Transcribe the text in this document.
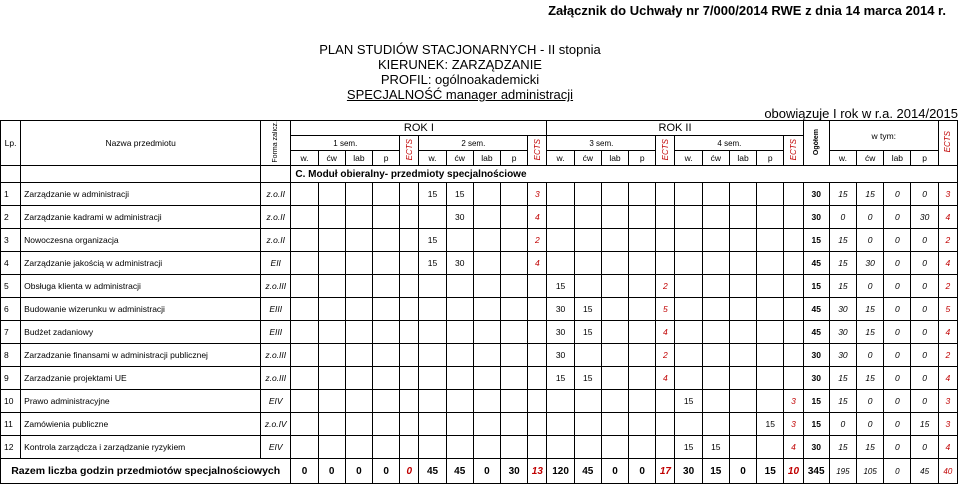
Załącznik do Uchwały nr 7/000/2014 RWE z dnia 14 marca 2014 r.
PLAN STUDIÓW STACJONARNYCH - II stopnia
KIERUNEK: ZARZĄDZANIE
PROFIL: ogólnoakademicki
SPECJALNOŚĆ manager administracji
obowiązuje I rok w r.a. 2014/2015
Lp.	Nazwa przedmiotu	Forma zalicz.	ROK I										ROK II										Ogółem	w tym:				ECTS
			1 sem.				ECTS	2 sem.				ECTS	3 sem.				ECTS	4 sem.				ECTS						
			w.	ćw	lab	p		w.	ćw	lab	p		w.	ćw	lab	p		w.	ćw	lab	p			w.	ćw	lab	p	
			C. Moduł obieralny- przedmioty specjalnościowe																									
1	Zarządzanie w administracji	z.o.II						15	15			3											30	15	15	0	0	3
2	Zarządzanie kadrami w administracji	z.o.II							30			4											30	0	0	0	30	4
3	Nowoczesna organizacja	z.o.II						15				2											15	15	0	0	0	2
4	Zarządzanie jakością w administracji	EII						15	30			4											45	15	30	0	0	4
5	Obsługa klienta w administracji	z.o.III											15				2						15	15	0	0	0	2
6	Budowanie wizerunku w administracji	EIII											30	15			5						45	30	15	0	0	5
7	Budżet zadaniowy	EIII											30	15			4						45	30	15	0	0	4
8	Zarzadzanie finansami w administracji publicznej	z.o.III											30				2						30	30	0	0	0	2
9	Zarzadzanie projektami UE	z.o.III											15	15			4						30	15	15	0	0	4
10	Prawo administracyjne	EIV																15				3	15	15	0	0	0	3
11	Zamówienia publiczne	z.o.IV																			15	3	15	0	0	0	15	3
12	Kontrola zarządcza i zarządzanie ryzykiem	EIV																15	15			4	30	15	15	0	0	4
Razem liczba godzin przedmiotów specjalnościowych			0	0	0	0	0	45	45	0	30	13	120	45	0	0	17	30	15	0	15	10	345	195	105	0	45	40
